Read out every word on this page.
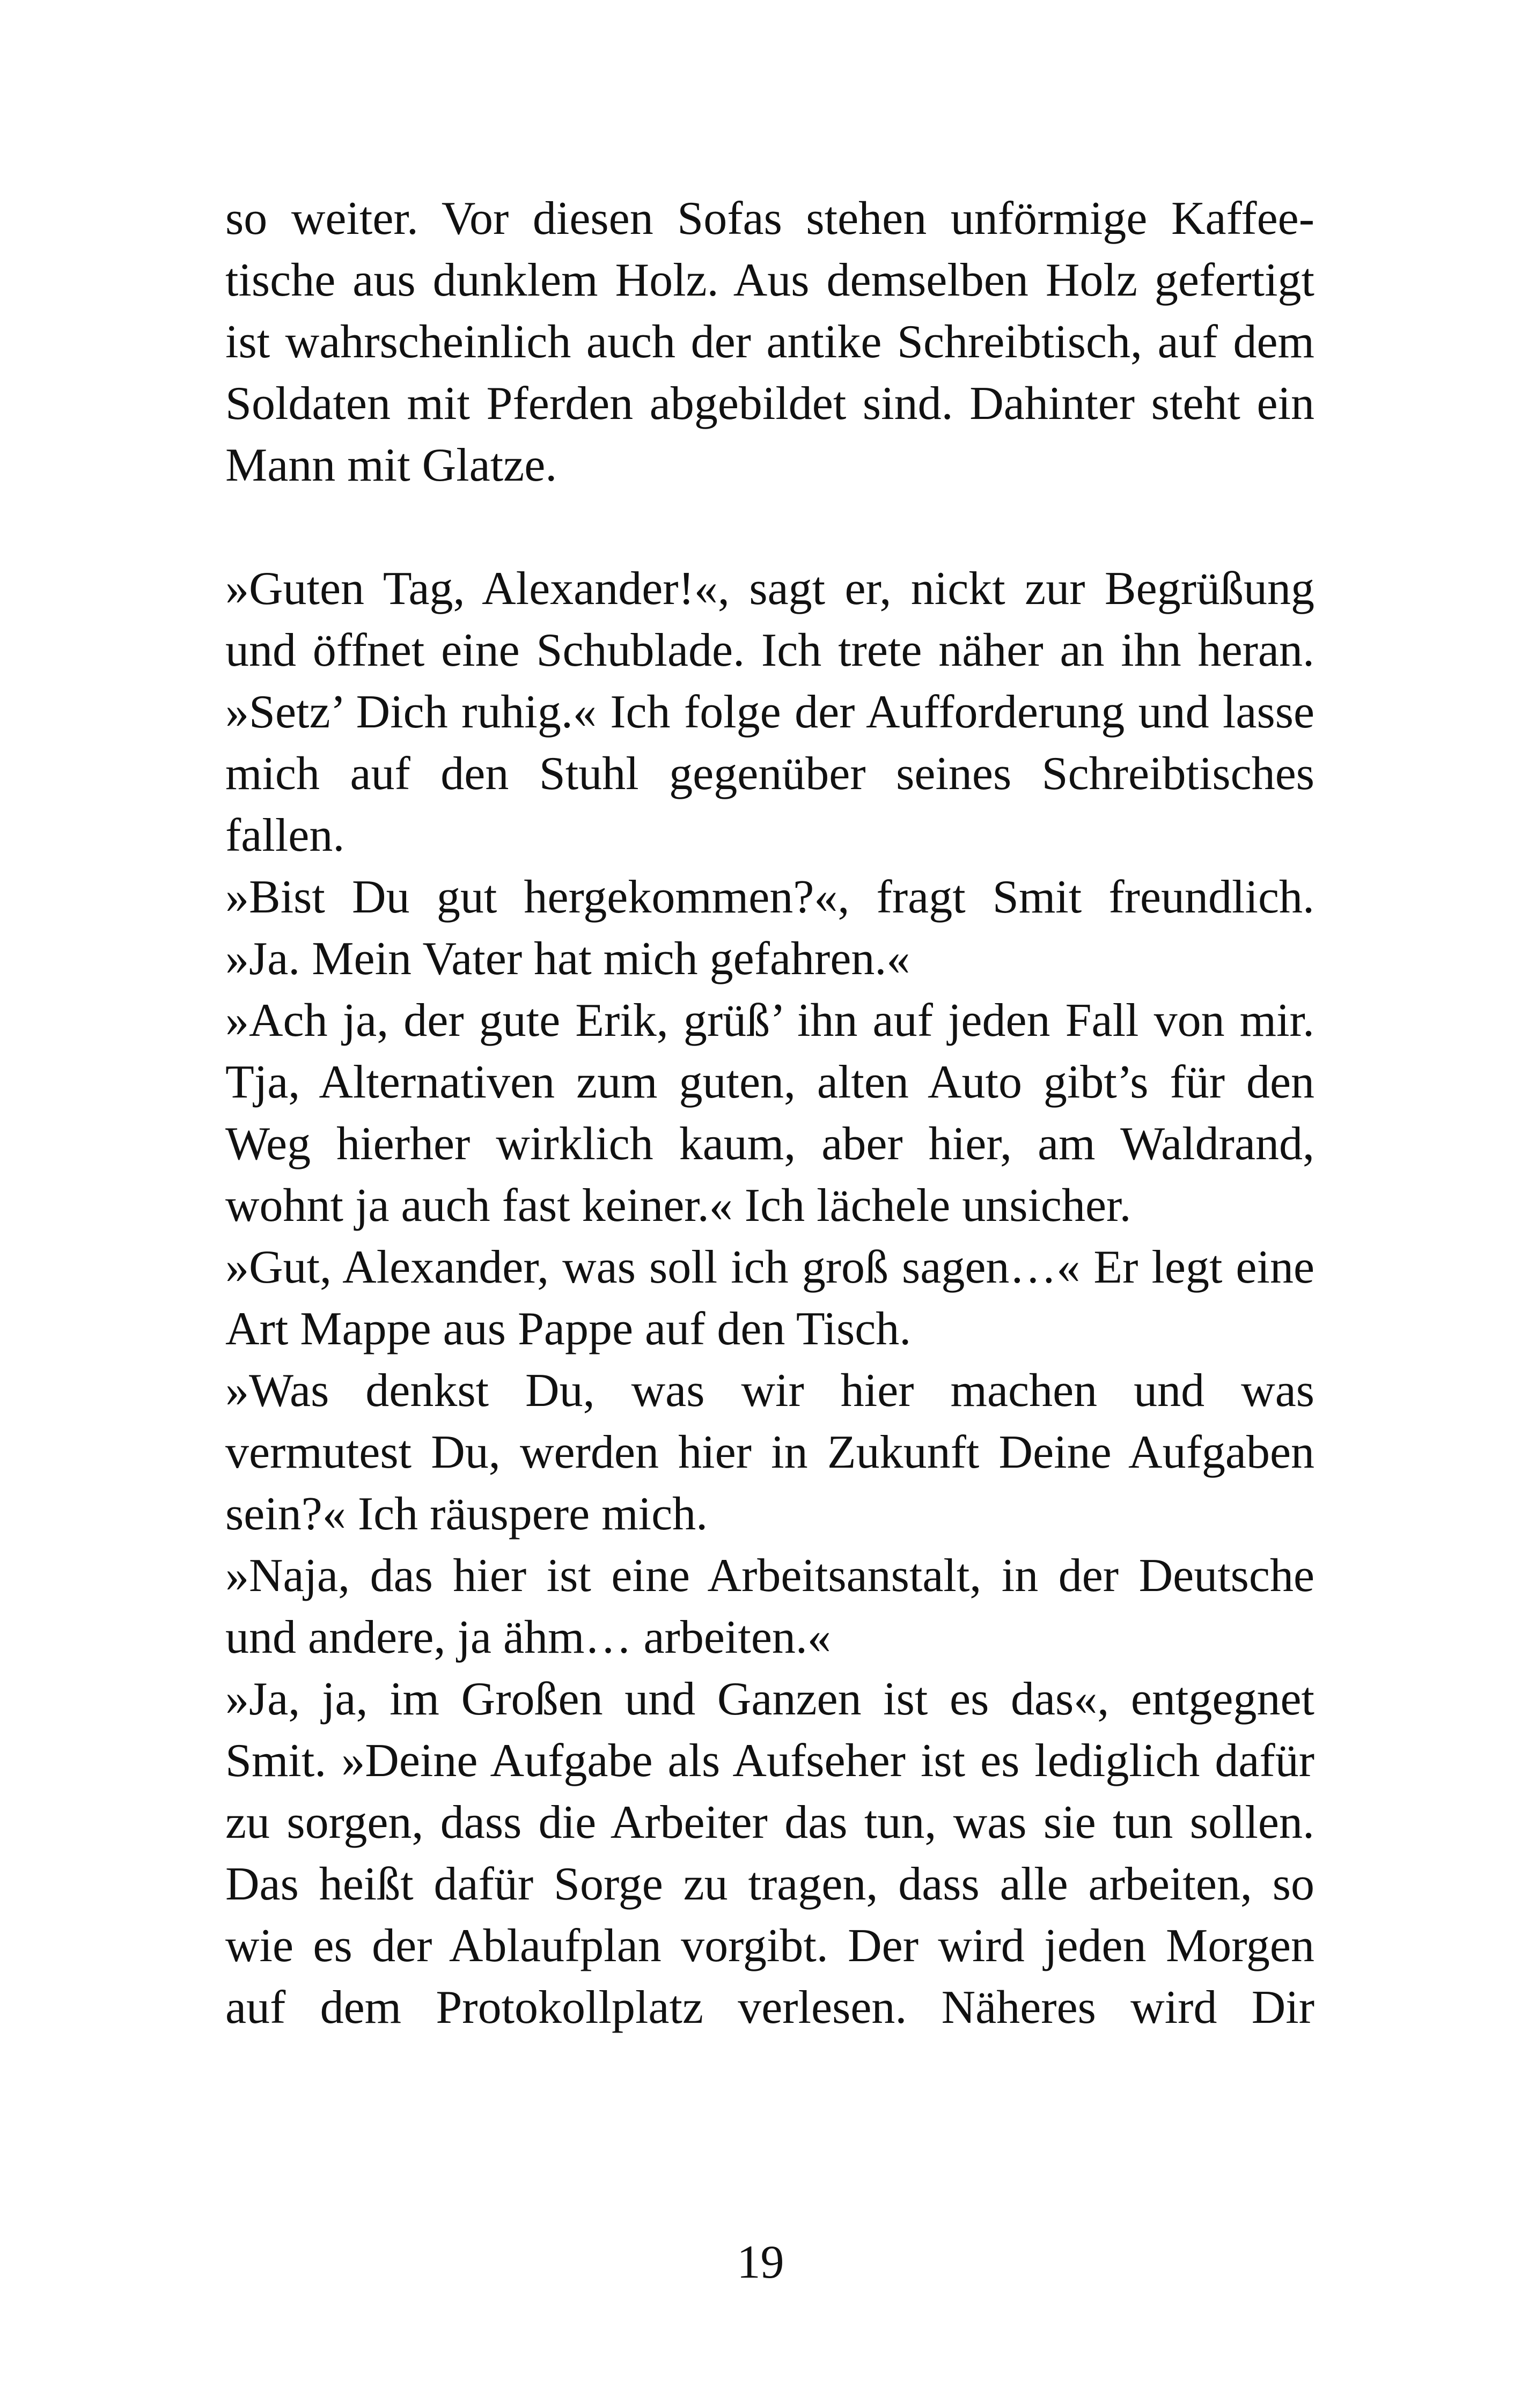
so weiter. Vor diesen Sofas stehen unförmige Kaffee-
tische aus dunklem Holz. Aus demselben Holz gefertigt
ist wahrscheinlich auch der antike Schreibtisch, auf dem
Soldaten mit Pferden abgebildet sind. Dahinter steht ein
Mann mit Glatze.
»Guten Tag, Alexander!«, sagt er, nickt zur Begrüßung
und öffnet eine Schublade. Ich trete näher an ihn heran.
»Setz’ Dich ruhig.« Ich folge der Aufforderung und lasse
mich auf den Stuhl gegenüber seines Schreibtisches
fallen.
»Bist Du gut hergekommen?«, fragt Smit freundlich.
»Ja. Mein Vater hat mich gefahren.«
»Ach ja, der gute Erik, grüß’ ihn auf jeden Fall von mir.
Tja, Alternativen zum guten, alten Auto gibt’s für den
Weg hierher wirklich kaum, aber hier, am Waldrand,
wohnt ja auch fast keiner.« Ich lächele unsicher.
»Gut, Alexander, was soll ich groß sagen…« Er legt eine
Art Mappe aus Pappe auf den Tisch.
»Was denkst Du, was wir hier machen und was
vermutest Du, werden hier in Zukunft Deine Aufgaben
sein?« Ich räuspere mich.
»Naja, das hier ist eine Arbeitsanstalt, in der Deutsche
und andere, ja ähm… arbeiten.«
»Ja, ja, im Großen und Ganzen ist es das«, entgegnet
Smit. »Deine Aufgabe als Aufseher ist es lediglich dafür
zu sorgen, dass die Arbeiter das tun, was sie tun sollen.
Das heißt dafür Sorge zu tragen, dass alle arbeiten, so
wie es der Ablaufplan vorgibt. Der wird jeden Morgen
auf dem Protokollplatz verlesen. Näheres wird Dir
19
